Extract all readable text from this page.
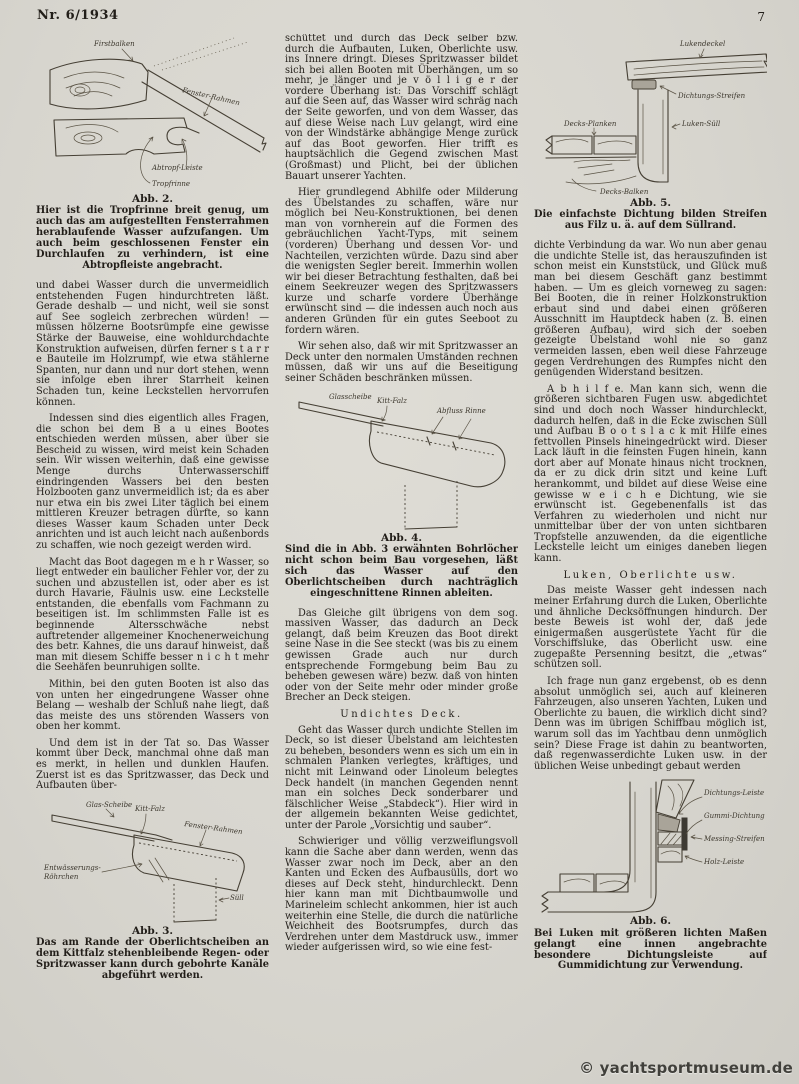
Nr. 6/1934	7
Firstbalken
Fenster-Rahmen
Abtropf-Leiste
Tropfrinne
Abb. 2.
Hier ist die Tropfrinne breit genug, um auch das am aufgestellten Fensterrahmen herablaufende Wasser aufzufangen. Um auch beim geschlossenen Fenster ein Durchlaufen zu verhindern, ist eine Abtropfleiste angebracht.

und dabei Wasser durch die unvermeidlich entstehenden Fugen hindurchtreten läßt. Gerade deshalb — und nicht, weil sie sonst auf See sogleich zerbrechen würden! — müssen hölzerne Bootsrümpfe eine gewisse Stärke der Bauweise, eine wohldurchdachte Konstruktion aufweisen, dürfen ferner s t a r r e Bauteile im Holzrumpf, wie etwa stählerne Spanten, nur dann und nur dort stehen, wenn sie infolge eben ihrer Starrheit keinen Schaden tun, keine Leckstellen hervorrufen können.

Indessen sind dies eigentlich alles Fragen, die schon bei dem B a u eines Bootes entschieden werden müssen, aber über sie Bescheid zu wissen, wird meist kein Schaden sein. Wir wissen weiterhin, daß eine gewisse Menge durchs Unterwasserschiff eindringenden Wassers bei den besten Holzbooten ganz unvermeidlich ist; da es aber nur etwa ein bis zwei Liter täglich bei einem mittleren Kreuzer betragen dürfte, so kann dieses Wasser kaum Schaden unter Deck anrichten und ist auch leicht nach außenbords zu schaffen, wie noch gezeigt werden wird.

Macht das Boot dagegen m e h r Wasser, so liegt entweder ein baulicher Fehler vor, der zu suchen und abzustellen ist, oder aber es ist durch Havarie, Fäulnis usw. eine Leckstelle entstanden, die ebenfalls vom Fachmann zu beseitigen ist. Im schlimmsten Falle ist es beginnende Altersschwäche nebst auftretender allgemeiner Knochenerweichung des betr. Kahnes, die uns darauf hinweist, daß man mit diesem Schiffe besser n i c h t mehr die Seehäfen beunruhigen sollte.

Mithin, bei den guten Booten ist also das von unten her eingedrungene Wasser ohne Belang — weshalb der Schluß nahe liegt, daß das meiste des uns störenden Wassers von oben her kommt.

Und dem ist in der Tat so. Das Wasser kommt über Deck, manchmal ohne daß man es merkt, in hellen und dunklen Haufen. Zuerst ist es das Spritzwasser, das Deck und Aufbauten über-

Glas-Scheibe Kitt-Falz
Fenster-Rahmen
Entwässerungs-
Röhrchen
Süll
Abb. 3.
Das am Rande der Oberlichtscheiben an dem Kittfalz stehenbleibende Regen- oder Spritzwasser kann durch gebohrte Kanäle abgeführt werden.

schüttet und durch das Deck selber bzw. durch die Aufbauten, Luken, Oberlichte usw. ins Innere dringt. Dieses Spritzwasser bildet sich bei allen Booten mit Überhängen, um so mehr, je länger und je v ö l l i g e r der vordere Überhang ist: Das Vorschiff schlägt auf die Seen auf, das Wasser wird schräg nach der Seite geworfen, und von dem Wasser, das auf diese Weise nach Luv gelangt, wird eine von der Windstärke abhängige Menge zurück auf das Boot geworfen. Hier trifft es hauptsächlich die Gegend zwischen Mast (Großmast) und Plicht, bei der üblichen Bauart unserer Yachten.

Hier grundlegend Abhilfe oder Milderung des Übelstandes zu schaffen, wäre nur möglich bei Neu-Konstruktionen, bei denen man von vornherein auf die Formen des gebräuchlichen Yacht-Typs, mit seinem (vorderen) Überhang und dessen Vor- und Nachteilen, verzichten würde. Dazu sind aber die wenigsten Segler bereit. Immerhin wollen wir bei dieser Betrachtung festhalten, daß bei einem Seekreuzer wegen des Spritzwassers kurze und scharfe vordere Überhänge erwünscht sind — die indessen auch noch aus anderen Gründen für ein gutes Seeboot zu fordern wären.

Wir sehen also, daß wir mit Spritzwasser an Deck unter den normalen Umständen rechnen müssen, daß wir uns auf die Beseitigung seiner Schäden beschränken müssen.

Glasscheibe Kitt-Falz
Abfluss Rinne
Abb. 4.
Sind die in Abb. 3 erwähnten Bohrlöcher nicht schon beim Bau vorgesehen, läßt sich das Wasser auf den Oberlichtscheiben durch nachträglich eingeschnittene Rinnen ableiten.

Das Gleiche gilt übrigens von dem sog. massiven Wasser, das dadurch an Deck gelangt, daß beim Kreuzen das Boot direkt seine Nase in die See steckt (was bis zu einem gewissen Grade auch nur durch entsprechende Formgebung beim Bau zu beheben gewesen wäre) bezw. daß von hinten oder von der Seite mehr oder minder große Brecher an Deck steigen.

Undichtes Deck.

Geht das Wasser durch undichte Stellen im Deck, so ist dieser Übelstand am leichtesten zu beheben, besonders wenn es sich um ein in schmalen Planken verlegtes, kräftiges, und nicht mit Leinwand oder Linoleum belegtes Deck handelt (in manchen Gegenden nennt man ein solches Deck sonderbarer und fälschlicher Weise „Stabdeck“). Hier wird in der allgemein bekannten Weise gedichtet, unter der Parole „Vorsichtig und sauber“.

Schwieriger und völlig verzweiflungsvoll kann die Sache aber dann werden, wenn das Wasser zwar noch im Deck, aber an den Kanten und Ecken des Aufbausülls, dort wo dieses auf Deck steht, hindurchleckt. Denn hier kann man mit Dichtbaumwolle und Marineleim schlecht ankommen, hier ist auch weiterhin eine Stelle, die durch die natürliche Weichheit des Bootsrumpfes, durch das Verdrehen unter dem Mastdruck usw., immer wieder aufgerissen wird, so wie eine fest-

Lukendeckel
Dichtungs-Streifen
Decks-Planken	Luken-Süll
Decks-Balken
Abb. 5.
Die einfachste Dichtung bilden Streifen aus Filz u. ä. auf dem Süllrand.

dichte Verbindung da war. Wo nun aber genau die undichte Stelle ist, das herauszufinden ist schon meist ein Kunststück, und Glück muß man bei diesem Geschäft ganz bestimmt haben. — Um es gleich vorneweg zu sagen: Bei Booten, die in reiner Holzkonstruktion erbaut sind und dabei einen größeren Ausschnitt im Hauptdeck haben (z. B. einen größeren Aufbau), wird sich der soeben gezeigte Übelstand wohl nie so ganz vermeiden lassen, eben weil diese Fahrzeuge gegen Verdrehungen des Rumpfes nicht den genügenden Widerstand besitzen.

A b h i l f e. Man kann sich, wenn die größeren sichtbaren Fugen usw. abgedichtet sind und doch noch Wasser hindurchleckt, dadurch helfen, daß in die Ecke zwischen Süll und Aufbau B o o t s l a c k mit Hilfe eines fettvollen Pinsels hineingedrückt wird. Dieser Lack läuft in die feinsten Fugen hinein, kann dort aber auf Monate hinaus nicht trocknen, da er zu dick drin sitzt und keine Luft herankommt, und bildet auf diese Weise eine gewisse w e i c h e Dichtung, wie sie erwünscht ist. Gegebenenfalls ist das Verfahren zu wiederholen und nicht nur unmittelbar über der von unten sichtbaren Tropfstelle anzuwenden, da die eigentliche Leckstelle leicht um einiges daneben liegen kann.

Luken, Oberlichte usw.

Das meiste Wasser geht indessen nach meiner Erfahrung durch die Luken, Oberlichte und ähnliche Decksöffnungen hindurch. Der beste Beweis ist wohl der, daß jede einigermaßen ausgerüstete Yacht für die Vorschiffsluke, das Oberlicht usw. eine zugepaßte Persenning besitzt, die „etwas“ schützen soll.

Ich frage nun ganz ergebenst, ob es denn absolut unmöglich sei, auch auf kleineren Fahrzeugen, also unseren Yachten, Luken und Oberlichte zu bauen, die wirklich dicht sind? Denn was im übrigen Schiffbau möglich ist, warum soll das im Yachtbau denn unmöglich sein? Diese Frage ist dahin zu beantworten, daß regenwasserdichte Luken usw. in der üblichen Weise unbedingt gebaut werden

Dichtungs-Leiste
Gummi-Dichtung
Messing-Streifen
Holz-Leiste
Abb. 6.
Bei Luken mit größeren lichten Maßen gelangt eine innen angebrachte besondere Dichtungsleiste auf Gummidichtung zur Verwendung.
© yachtsportmuseum.de
